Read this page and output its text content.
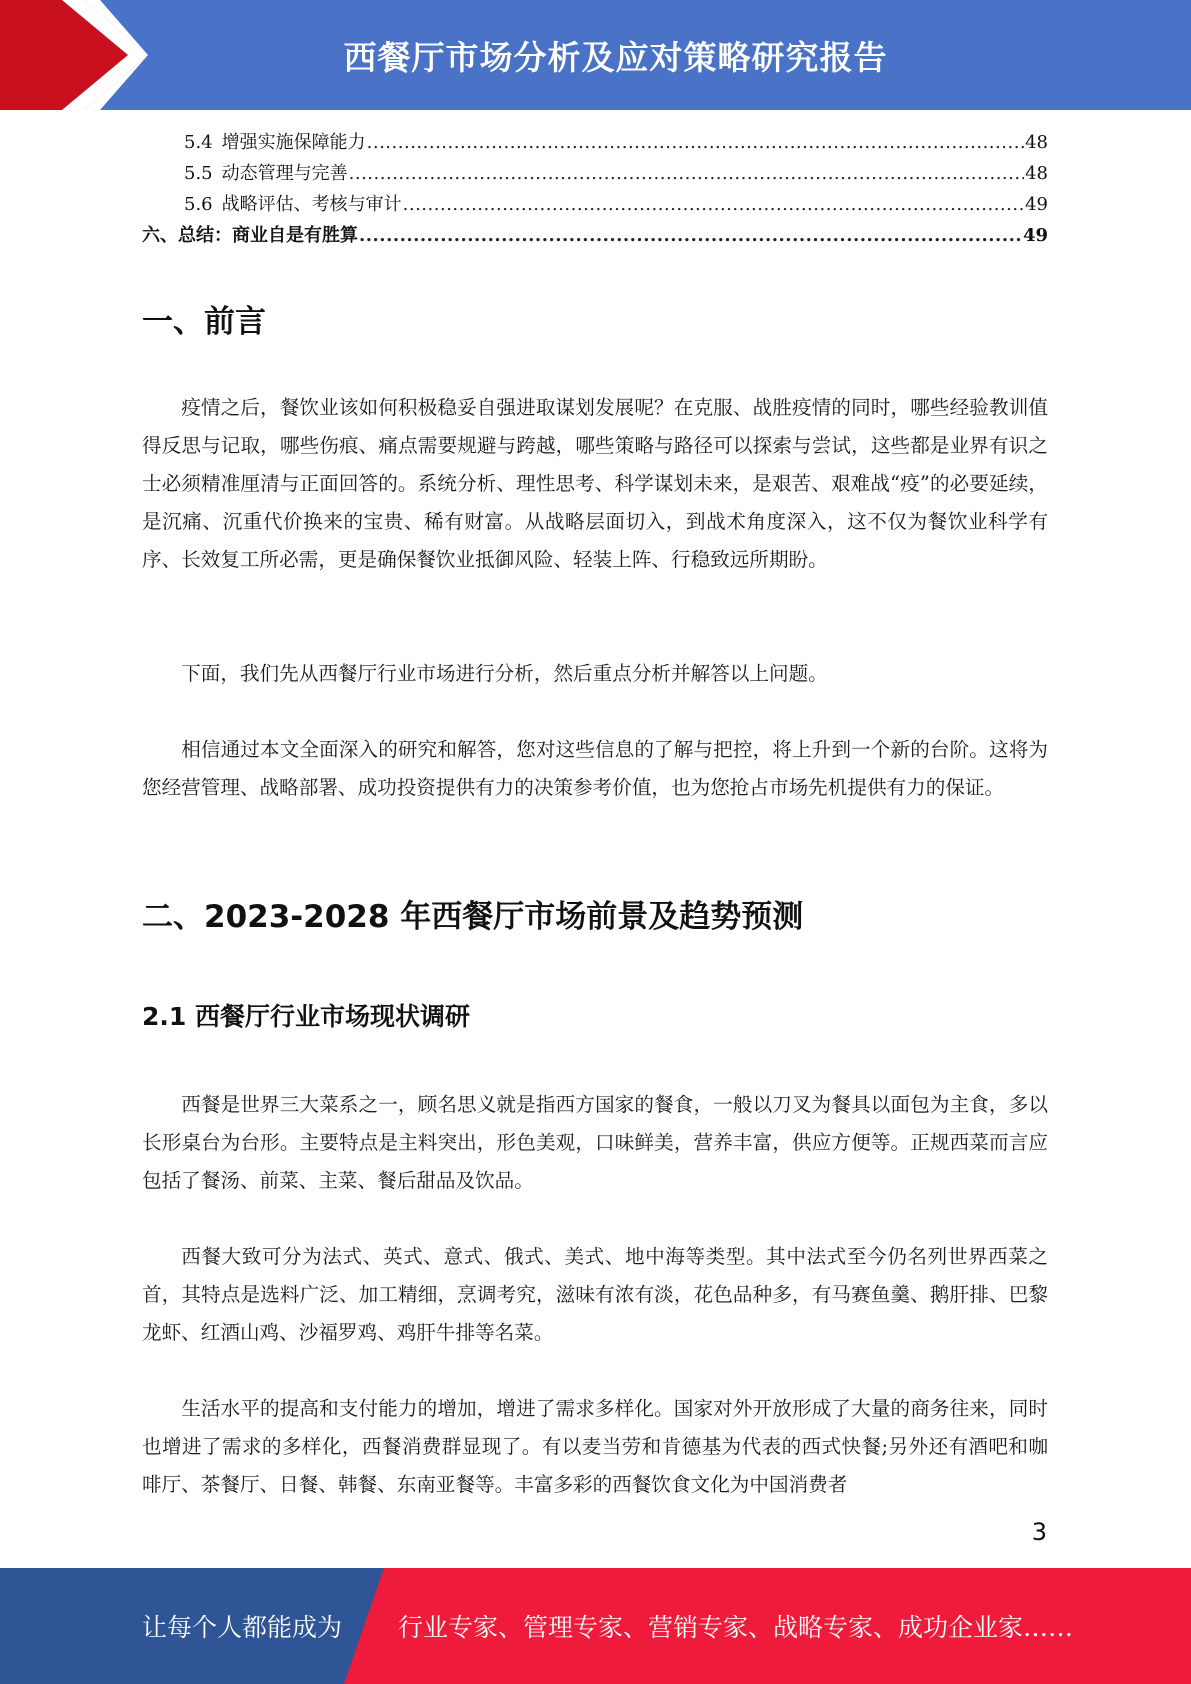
西餐厅市场分析及应对策略研究报告
5.4 增强实施保障能力 .....	48
5.5 动态管理与完善 .....	48
5.6 战略评估、考核与审计 .....	49
六、总结：商业自是有胜算 .....	49
一、前言

疫情之后，餐饮业该如何积极稳妥自强进取谋划发展呢？在克服、战胜疫情的同时，哪些经验教训值得反思与记取，哪些伤痕、痛点需要规避与跨越，哪些策略与路径可以探索与尝试，这些都是业界有识之士必须精准厘清与正面回答的。系统分析、理性思考、科学谋划未来，是艰苦、艰难战“疫”的必要延续，是沉痛、沉重代价换来的宝贵、稀有财富。从战略层面切入，到战术角度深入，这不仅为餐饮业科学有序、长效复工所必需，更是确保餐饮业抵御风险、轻装上阵、行稳致远所期盼。

下面，我们先从西餐厅行业市场进行分析，然后重点分析并解答以上问题。

相信通过本文全面深入的研究和解答，您对这些信息的了解与把控，将上升到一个新的台阶。这将为您经营管理、战略部署、成功投资提供有力的决策参考价值，也为您抢占市场先机提供有力的保证。

二、2023-2028 年西餐厅市场前景及趋势预测
2.1 西餐厅行业市场现状调研

西餐是世界三大菜系之一，顾名思义就是指西方国家的餐食，一般以刀叉为餐具以面包为主食，多以长形桌台为台形。主要特点是主料突出，形色美观，口味鲜美，营养丰富，供应方便等。正规西菜而言应包括了餐汤、前菜、主菜、餐后甜品及饮品。

西餐大致可分为法式、英式、意式、俄式、美式、地中海等类型。其中法式至今仍名列世界西菜之首，其特点是选料广泛、加工精细，烹调考究，滋味有浓有淡，花色品种多，有马赛鱼羹、鹅肝排、巴黎龙虾、红酒山鸡、沙福罗鸡、鸡肝牛排等名菜。

生活水平的提高和支付能力的增加，增进了需求多样化。国家对外开放形成了大量的商务往来，同时也增进了需求的多样化，西餐消费群显现了。有以麦当劳和肯德基为代表的西式快餐;另外还有酒吧和咖啡厅、茶餐厅、日餐、韩餐、东南亚餐等。丰富多彩的西餐饮食文化为中国消费者

3
让每个人都能成为 行业专家、管理专家、营销专家、战略专家、成功企业家……
